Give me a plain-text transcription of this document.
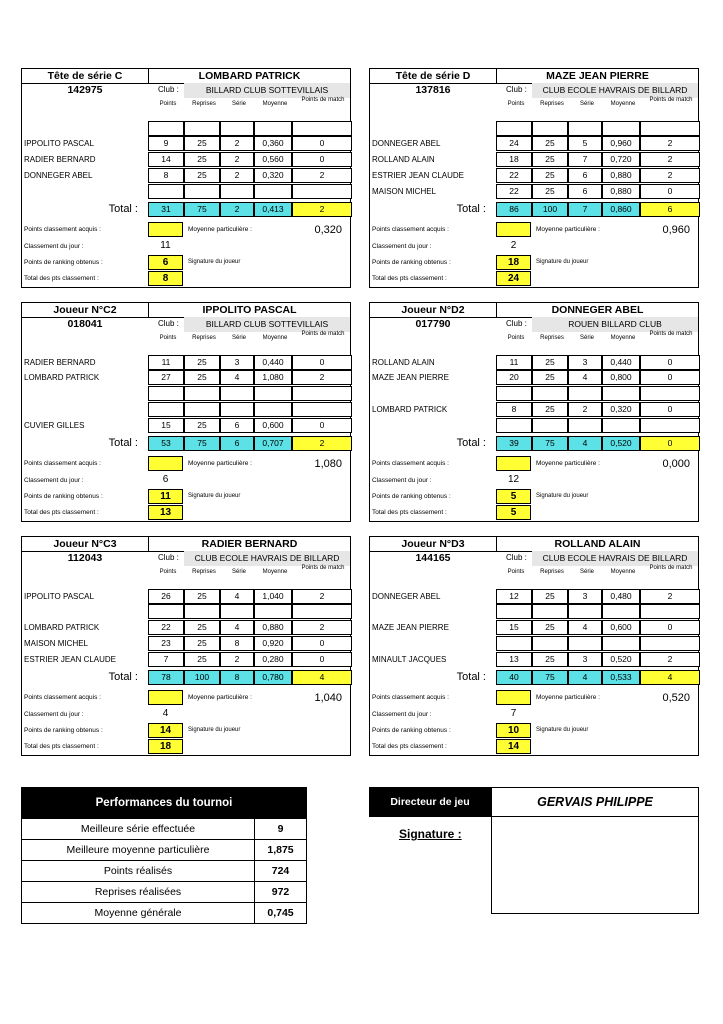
Tête de série C
142975
LOMBARD PATRICK
Club :	BILLARD CLUB SOTTEVILLAIS
Points	Reprises	Série	Moyenne
Points de match
IPPOLITO PASCAL	9	25	2	0,360	0
RADIER BERNARD	14	25	2	0,560	0
DONNEGER ABEL	8	25	2	0,320	2
Total :	31	75	2	0,413	2
Points classement acquis :	Moyenne particulière :	0,320
Classement du jour :	11
Points de ranking obtenus :	6	Signature du joueur
Total des pts classement :	8
Tête de série D
137816
MAZE JEAN PIERRE
Club :	CLUB ECOLE HAVRAIS DE BILLARD
Points	Reprises	Série	Moyenne
Points de match
DONNEGER ABEL	24	25	5	0,960	2
ROLLAND ALAIN	18	25	7	0,720	2
ESTRIER JEAN CLAUDE	22	25	6	0,880	2
MAISON MICHEL	22	25	6	0,880	0
Total :	86	100	7	0,860	6
Points classement acquis :	Moyenne particulière :	0,960
Classement du jour :	2
Points de ranking obtenus :	18	Signature du joueur
Total des pts classement :	24
Joueur N°C2
018041
IPPOLITO PASCAL
Club :	BILLARD CLUB SOTTEVILLAIS
Points	Reprises	Série	Moyenne
Points de match
RADIER BERNARD	11	25	3	0,440	0
LOMBARD PATRICK	27	25	4	1,080	2
CUVIER GILLES	15	25	6	0,600	0
Total :	53	75	6	0,707	2
Points classement acquis :	Moyenne particulière :	1,080
Classement du jour :	6
Points de ranking obtenus :	11	Signature du joueur
Total des pts classement :	13
Joueur N°D2
017790
DONNEGER ABEL
Club :	ROUEN BILLARD CLUB
Points	Reprises	Série	Moyenne
Points de match
ROLLAND ALAIN	11	25	3	0,440	0
MAZE JEAN PIERRE	20	25	4	0,800	0
LOMBARD PATRICK	8	25	2	0,320	0
Total :	39	75	4	0,520	0
Points classement acquis :	Moyenne particulière :	0,000
Classement du jour :	12
Points de ranking obtenus :	5	Signature du joueur
Total des pts classement :	5
Joueur N°C3
112043
RADIER BERNARD
Club :	CLUB ECOLE HAVRAIS DE BILLARD
Points	Reprises	Série	Moyenne
Points de match
IPPOLITO PASCAL	26	25	4	1,040	2
LOMBARD PATRICK	22	25	4	0,880	2
MAISON MICHEL	23	25	8	0,920	0
ESTRIER JEAN CLAUDE	7	25	2	0,280	0
Total :	78	100	8	0,780	4
Points classement acquis :	Moyenne particulière :	1,040
Classement du jour :	4
Points de ranking obtenus :	14	Signature du joueur
Total des pts classement :	18
Joueur N°D3
144165
ROLLAND ALAIN
Club :	CLUB ECOLE HAVRAIS DE BILLARD
Points	Reprises	Série	Moyenne
Points de match
DONNEGER ABEL	12	25	3	0,480	2
MAZE JEAN PIERRE	15	25	4	0,600	0
MINAULT JACQUES	13	25	3	0,520	2
Total :	40	75	4	0,533	4
Points classement acquis :	Moyenne particulière :	0,520
Classement du jour :	7
Points de ranking obtenus :	10	Signature du joueur
Total des pts classement :	14
Performances du tournoi
Meilleure série effectuée	9
Meilleure moyenne particulière	1,875
Points réalisés	724
Reprises réalisées	972
Moyenne générale	0,745
Directeur de jeu	GERVAIS PHILIPPE
Signature :
